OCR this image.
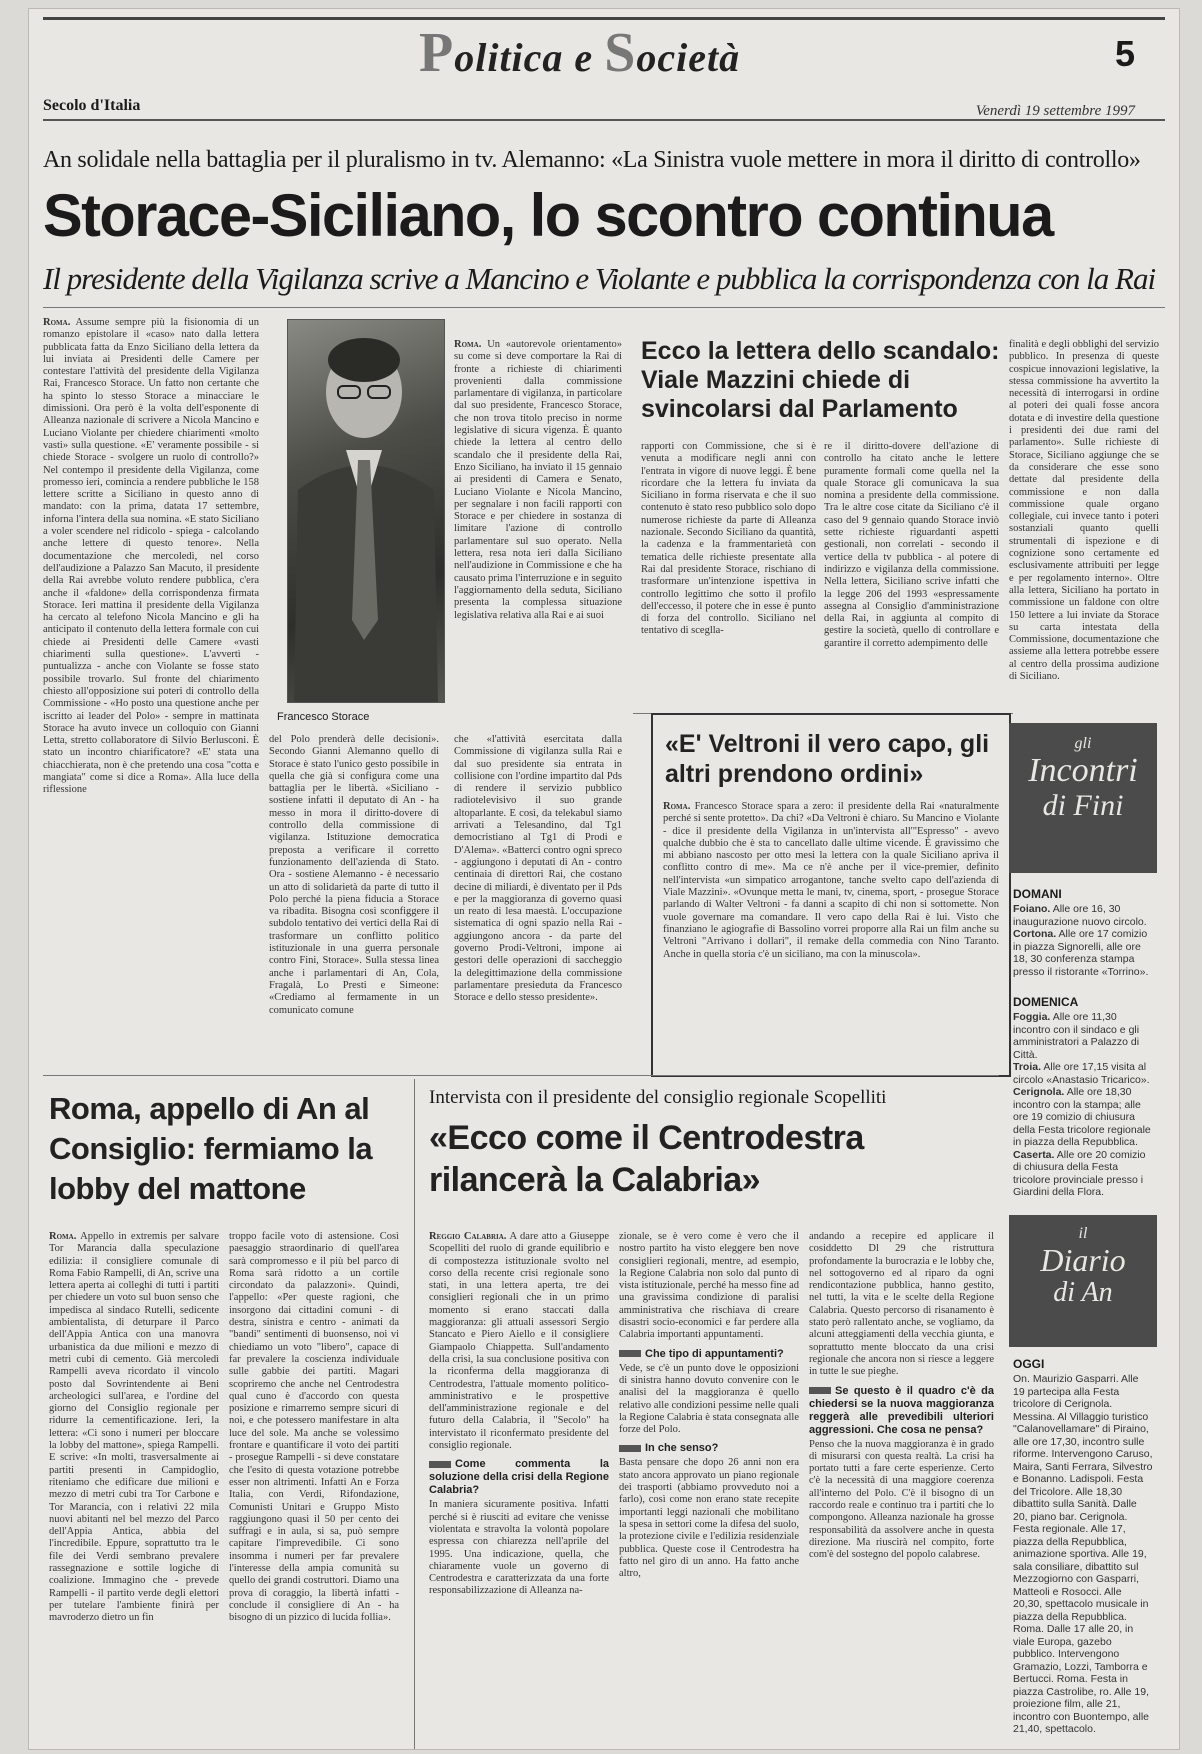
Politica e Società	5
Secolo d'Italia	Venerdì 19 settembre 1997
An solidale nella battaglia per il pluralismo in tv. Alemanno: «La Sinistra vuole mettere in mora il diritto di controllo»
Storace-Siciliano, lo scontro continua
Il presidente della Vigilanza scrive a Mancino e Violante e pubblica la corrispondenza con la Rai
Roma. Assume sempre più la fisionomia di un romanzo epistolare il «caso» nato dalla lettera pubblicata fatta da Enzo Siciliano della lettera da lui inviata ai Presidenti delle Camere per contestare l'attività del presidente della Vigilanza Rai, Francesco Storace. Un fatto non certante che ha spinto lo stesso Storace a minacciare le dimissioni. Ora però è la volta dell'esponente di Alleanza nazionale di scrivere a Nicola Mancino e Luciano Violante per chiedere chiarimenti «molto vasti» sulla questione. «E' veramente possibile - si chiede Storace - svolgere un ruolo di controllo?» Nel contempo il presidente della Vigilanza, come promesso ieri, comincia a rendere pubbliche le 158 lettere scritte a Siciliano in questo anno di mandato: con la prima, datata 17 settembre, inforna l'intera della sua nomina. «E stato Siciliano a voler scendere nel ridicolo - spiega - calcolando anche lettere di questo tenore». Nella documentazione che mercoledì, nel corso dell'audizione a Palazzo San Macuto, il presidente della Rai avrebbe voluto rendere pubblica, c'era anche il «faldone» della corrispondenza firmata Storace. Ieri mattina il presidente della Vigilanza ha cercato al telefono Nicola Mancino e gli ha anticipato il contenuto della lettera formale con cui chiede ai Presidenti delle Camere «vasti chiarimenti sulla questione». L'avvertì - puntualizza - anche con Violante se fosse stato possibile trovarlo. Sul fronte del chiarimento chiesto all'opposizione sui poteri di controllo della Commissione - «Ho posto una questione anche per iscritto ai leader del Polo» - sempre in mattinata Storace ha avuto invece un colloquio con Gianni Letta, stretto collaboratore di Silvio Berlusconi. È stato un incontro chiarificatore? «E' stata una chiacchierata, non è che pretendo una cosa "cotta e mangiata" come si dice a Roma». Alla luce della riflessione
Francesco Storace
del Polo prenderà delle decisioni». Secondo Gianni Alemanno quello di Storace è stato l'unico gesto possibile in quella che già si configura come una battaglia per le libertà. «Siciliano - sostiene infatti il deputato di An - ha messo in mora il diritto-dovere di controllo della commissione di vigilanza. Istituzione democratica preposta a verificare il corretto funzionamento dell'azienda di Stato. Ora - sostiene Alemanno - è necessario un atto di solidarietà da parte di tutto il Polo perché la piena fiducia a Storace va ribadita. Bisogna così sconfiggere il subdolo tentativo dei vertici della Rai di trasformare un conflitto politico istituzionale in una guerra personale contro Fini, Storace». Sulla stessa linea anche i parlamentari di An, Cola, Fragalà, Lo Presti e Simeone: «Crediamo al fermamente in un comunicato comune
Roma. Un «autorevole orientamento» su come si deve comportare la Rai di fronte a richieste di chiarimenti provenienti dalla commissione parlamentare di vigilanza, in particolare dal suo presidente, Francesco Storace, che non trova titolo preciso in norme legislative di sicura vigenza. È quanto chiede la lettera al centro dello scandalo che il presidente della Rai, Enzo Siciliano, ha inviato il 15 gennaio ai presidenti di Camera e Senato, Luciano Violante e Nicola Mancino, per segnalare i non facili rapporti con Storace e per chiedere in sostanza di limitare l'azione di controllo parlamentare sul suo operato. Nella lettera, resa nota ieri dalla Siciliano nell'audizione in Commissione e che ha causato prima l'interruzione e in seguito l'aggiornamento della seduta, Siciliano presenta la complessa situazione legislativa relativa alla Rai e ai suoi
che «l'attività esercitata dalla Commissione di vigilanza sulla Rai e dal suo presidente sia entrata in collisione con l'ordine impartito dal Pds di rendere il servizio pubblico radiotelevisivo il suo grande altoparlante. E così, da telekabul siamo arrivati a Telesandino, dal Tg1 democristiano al Tg1 di Prodi e D'Alema». «Batterci contro ogni spreco - aggiungono i deputati di An - contro centinaia di direttori Rai, che costano decine di miliardi, è diventato per il Pds e per la maggioranza di governo quasi un reato di lesa maestà. L'occupazione sistematica di ogni spazio nella Rai - aggiungono ancora - da parte del governo Prodi-Veltroni, impone ai gestori delle operazioni di saccheggio la delegittimazione della commissione parlamentare presieduta da Francesco Storace e dello stesso presidente».
Ecco la lettera dello scandalo: Viale Mazzini chiede di svincolarsi dal Parlamento
rapporti con Commissione, che si è venuta a modificare negli anni con l'entrata in vigore di nuove leggi. È bene ricordare che la lettera fu inviata da Siciliano in forma riservata e che il suo contenuto è stato reso pubblico solo dopo numerose richieste da parte di Alleanza nazionale. Secondo Siciliano da quantità, la cadenza e la frammentarietà con tematica delle richieste presentate alla Rai dal presidente Storace, rischiano di trasformare un'intenzione ispettiva in controllo legittimo che sotto il profilo dell'eccesso, il potere che in esse è punto di forza del controllo. Siciliano nel tentativo di sceglla-
re il diritto-dovere dell'azione di controllo ha citato anche le lettere puramente formali come quella nel la quale Storace gli comunicava la sua nomina a presidente della commissione. Tra le altre cose citate da Siciliano c'è il caso del 9 gennaio quando Storace inviò sette richieste riguardanti aspetti gestionali, non correlati - secondo il vertice della tv pubblica - al potere di indirizzo e vigilanza della commissione. Nella lettera, Siciliano scrive infatti che la legge 206 del 1993 «espressamente assegna al Consiglio d'amministrazione della Rai, in aggiunta al compito di gestire la società, quello di controllare e garantire il corretto adempimento delle
finalità e degli obblighi del servizio pubblico. In presenza di queste cospicue innovazioni legislative, la stessa commissione ha avvertito la necessità di interrogarsi in ordine al poteri dei quali fosse ancora dotata e di investire della questione i presidenti dei due rami del parlamento». Sulle richieste di Storace, Siciliano aggiunge che se da considerare che esse sono dettate dal presidente della commissione e non dalla commissione quale organo collegiale, cui invece tanto i poteri sostanziali quanto quelli strumentali di ispezione e di cognizione sono certamente ed esclusivamente attribuiti per legge e per regolamento interno». Oltre alla lettera, Siciliano ha portato in commissione un faldone con oltre 150 lettere a lui inviate da Storace su carta intestata della Commissione, documentazione che assieme alla lettera potrebbe essere al centro della prossima audizione di Siciliano.
«E' Veltroni il vero capo, gli altri prendono ordini»
Roma. Francesco Storace spara a zero: il presidente della Rai «naturalmente perché si sente protetto». Da chi? «Da Veltroni è chiaro. Su Mancino e Violante - dice il presidente della Vigilanza in un'intervista all'"Espresso" - avevo qualche dubbio che è sta to cancellato dalle ultime vicende. È gravissimo che mi abbiano nascosto per otto mesi la lettera con la quale Siciliano apriva il conflitto contro di me». Ma ce n'è anche per il vice-premier, definito nell'intervista «un simpatico arrogantone, tanche svelto capo dell'azienda di Viale Mazzini». «Ovunque metta le mani, tv, cinema, sport, - prosegue Storace parlando di Walter Veltroni - fa danni a scapito di chi non si sottomette. Non vuole governare ma comandare. Il vero capo della Rai è lui. Visto che finanziano le agiografie di Bassolino vorrei proporre alla Rai un film anche su Veltroni "Arrivano i dollari", il remake della commedia con Nino Taranto. Anche in quella storia c'è un siciliano, ma con la minuscola».
gli
Incontri
di Fini
DOMANI
Foiano. Alle ore 16, 30 inaugurazione nuovo circolo.
Cortona. Alle ore 17 comizio in piazza Signorelli, alle ore 18, 30 conferenza stampa presso il ristorante «Torrino».
DOMENICA
Foggia. Alle ore 11,30 incontro con il sindaco e gli amministratori a Palazzo di Città.
Troia. Alle ore 17,15 visita al circolo «Anastasio Tricarico».
Cerignola. Alle ore 18,30 incontro con la stampa; alle ore 19 comizio di chiusura della Festa tricolore regionale in piazza della Repubblica.
Caserta. Alle ore 20 comizio di chiusura della Festa tricolore provinciale presso i Giardini della Flora.
il
Diario
di An
OGGI
On. Maurizio Gasparri. Alle 19 partecipa alla Festa tricolore di Cerignola. Messina. Al Villaggio turistico "Calanovellamare" di Piraino, alle ore 17,30, incontro sulle riforme. Intervengono Caruso, Maira, Santi Ferrara, Silvestro e Bonanno. Ladispoli. Festa del Tricolore. Alle 18,30 dibattito sulla Sanità. Dalle 20, piano bar. Cerignola. Festa regionale. Alle 17, piazza della Repubblica, animazione sportiva. Alle 19, sala consiliare, dibattito sul Mezzogiorno con Gasparri, Matteoli e Rosocci. Alle 20,30, spettacolo musicale in piazza della Repubblica. Roma. Dalle 17 alle 20, in viale Europa, gazebo pubblico. Intervengono Gramazio, Lozzi, Tamborra e Bertucci. Roma. Festa in piazza Castrolibe, ro. Alle 19, proiezione film, alle 21, incontro con Buontempo, alle 21,40, spettacolo.
Roma, appello di An al Consiglio: fermiamo la lobby del mattone
Roma. Appello in extremis per salvare Tor Marancia dalla speculazione edilizia: il consigliere comunale di Roma Fabio Rampelli, di An, scrive una lettera aperta ai colleghi di tutti i partiti per chiedere un voto sul buon senso che impedisca al sindaco Rutelli, sedicente ambientalista, di deturpare il Parco dell'Appia Antica con una manovra urbanistica da due milioni e mezzo di metri cubi di cemento. Già mercoledì Rampelli aveva ricordato il vincolo posto dal Sovrintendente ai Beni archeologici sull'area, e l'ordine del giorno del Consiglio regionale per ridurre la cementificazione. Ieri, la lettera: «Ci sono i numeri per bloccare la lobby del mattone», spiega Rampelli. E scrive: «In molti, trasversalmente ai partiti presenti in Campidoglio, riteniamo che edificare due milioni e mezzo di metri cubi tra Tor Carbone e Tor Marancia, con i relativi 22 mila nuovi abitanti nel bel mezzo del Parco dell'Appia Antica, abbia del l'incredibile. Eppure, soprattutto tra le file dei Verdi sembrano prevalere rassegnazione e sottile logiche di coalizione. Immagino che - prevede Rampelli - il partito verde degli elettori per tutelare l'ambiente finirà per mavroderzo dietro un fin
troppo facile voto di astensione. Così paesaggio straordinario di quell'area sarà compromesso e il più bel parco di Roma sarà ridotto a un cortile circondato da palazzoni». Quindi, l'appello: «Per queste ragioni, che insorgono dai cittadini comuni - di destra, sinistra e centro - animati da "bandi" sentimenti di buonsenso, noi vi chiediamo un voto "libero", capace di far prevalere la coscienza individuale sulle gabbie dei partiti. Magari scopriremo che anche nel Centrodestra qual cuno è d'accordo con questa posizione e rimarremo sempre sicuri di noi, e che potessero manifestare in alta luce del sole. Ma anche se volessimo frontare e quantificare il voto dei partiti - prosegue Rampelli - si deve constatare che l'esito di questa votazione potrebbe esser non altrimenti. Infatti An e Forza Italia, con Verdi, Rifondazione, Comunisti Unitari e Gruppo Misto raggiungono quasi il 50 per cento dei suffragi e in aula, si sa, può sempre capitare l'imprevedibile. Ci sono insomma i numeri per far prevalere l'interesse della ampia comunità su quello dei grandi costruttori. Diamo una prova di coraggio, la libertà infatti - conclude il consigliere di An - ha bisogno di un pizzico di lucida follia».
Intervista con il presidente del consiglio regionale Scopelliti
«Ecco come il Centrodestra rilancerà la Calabria»
Reggio Calabria. A dare atto a Giuseppe Scopelliti del ruolo di grande equilibrio e di compostezza istituzionale svolto nel corso della recente crisi regionale sono stati, in una lettera aperta, tre dei consiglieri regionali che in un primo momento si erano staccati dalla maggioranza: gli attuali assessori Sergio Stancato e Piero Aiello e il consigliere Giampaolo Chiappetta. Sull'andamento della crisi, la sua conclusione positiva con la riconferma della maggioranza di Centrodestra, l'attuale momento politico-amministrativo e le prospettive dell'amministrazione regionale e del futuro della Calabria, il "Secolo" ha intervistato il riconfermato presidente del consiglio regionale.
Come commenta la soluzione della crisi della Regione Calabria?
In maniera sicuramente positiva. Infatti perché si è riusciti ad evitare che venisse violentata e stravolta la volontà popolare espressa con chiarezza nell'aprile del 1995. Una indicazione, quella, che chiaramente vuole un governo di Centrodestra e caratterizzata da una forte responsabilizzazione di Alleanza na-
zionale, se è vero come è vero che il nostro partito ha visto eleggere ben nove consiglieri regionali, mentre, ad esempio, la Regione Calabria non solo dal punto di vista istituzionale, perché ha messo fine ad una gravissima condizione di paralisi amministrativa che rischiava di creare disastri socio-economici e far perdere alla Calabria importanti appuntamenti.
Che tipo di appuntamenti?
Vede, se c'è un punto dove le opposizioni di sinistra hanno dovuto convenire con le analisi del la maggioranza è quello relativo alle condizioni pessime nelle quali la Regione Calabria è stata consegnata alle forze del Polo.
In che senso?
Basta pensare che dopo 26 anni non era stato ancora approvato un piano regionale dei trasporti (abbiamo provveduto noi a farlo), così come non erano state recepite importanti leggi nazionali che mobilitano la spesa in settori come la difesa del suolo, la protezione civile e l'edilizia residenziale pubblica. Queste cose il Centrodestra ha fatto nel giro di un anno. Ha fatto anche altro,
andando a recepire ed applicare il cosiddetto Dl 29 che ristruttura profondamente la burocrazia e le lobby che, nel sottogoverno ed al riparo da ogni rendicontazione pubblica, hanno gestito, nel tutti, la vita e le scelte della Regione Calabria. Questo percorso di risanamento è stato però rallentato anche, se vogliamo, da alcuni atteggiamenti della vecchia giunta, e soprattutto mente bloccato da una crisi regionale che ancora non si riesce a leggere in tutte le sue pieghe.
Se questo è il quadro c'è da chiedersi se la nuova maggioranza reggerà alle prevedibili ulteriori aggressioni. Che cosa ne pensa?
Penso che la nuova maggioranza è in grado di misurarsi con questa realtà. La crisi ha portato tutti a fare certe esperienze. Certo c'è la necessità di una maggiore coerenza all'interno del Polo. C'è il bisogno di un raccordo reale e continuo tra i partiti che lo compongono. Alleanza nazionale ha grosse responsabilità da assolvere anche in questa direzione. Ma riuscirà nel compito, forte com'è del sostegno del popolo calabrese.
